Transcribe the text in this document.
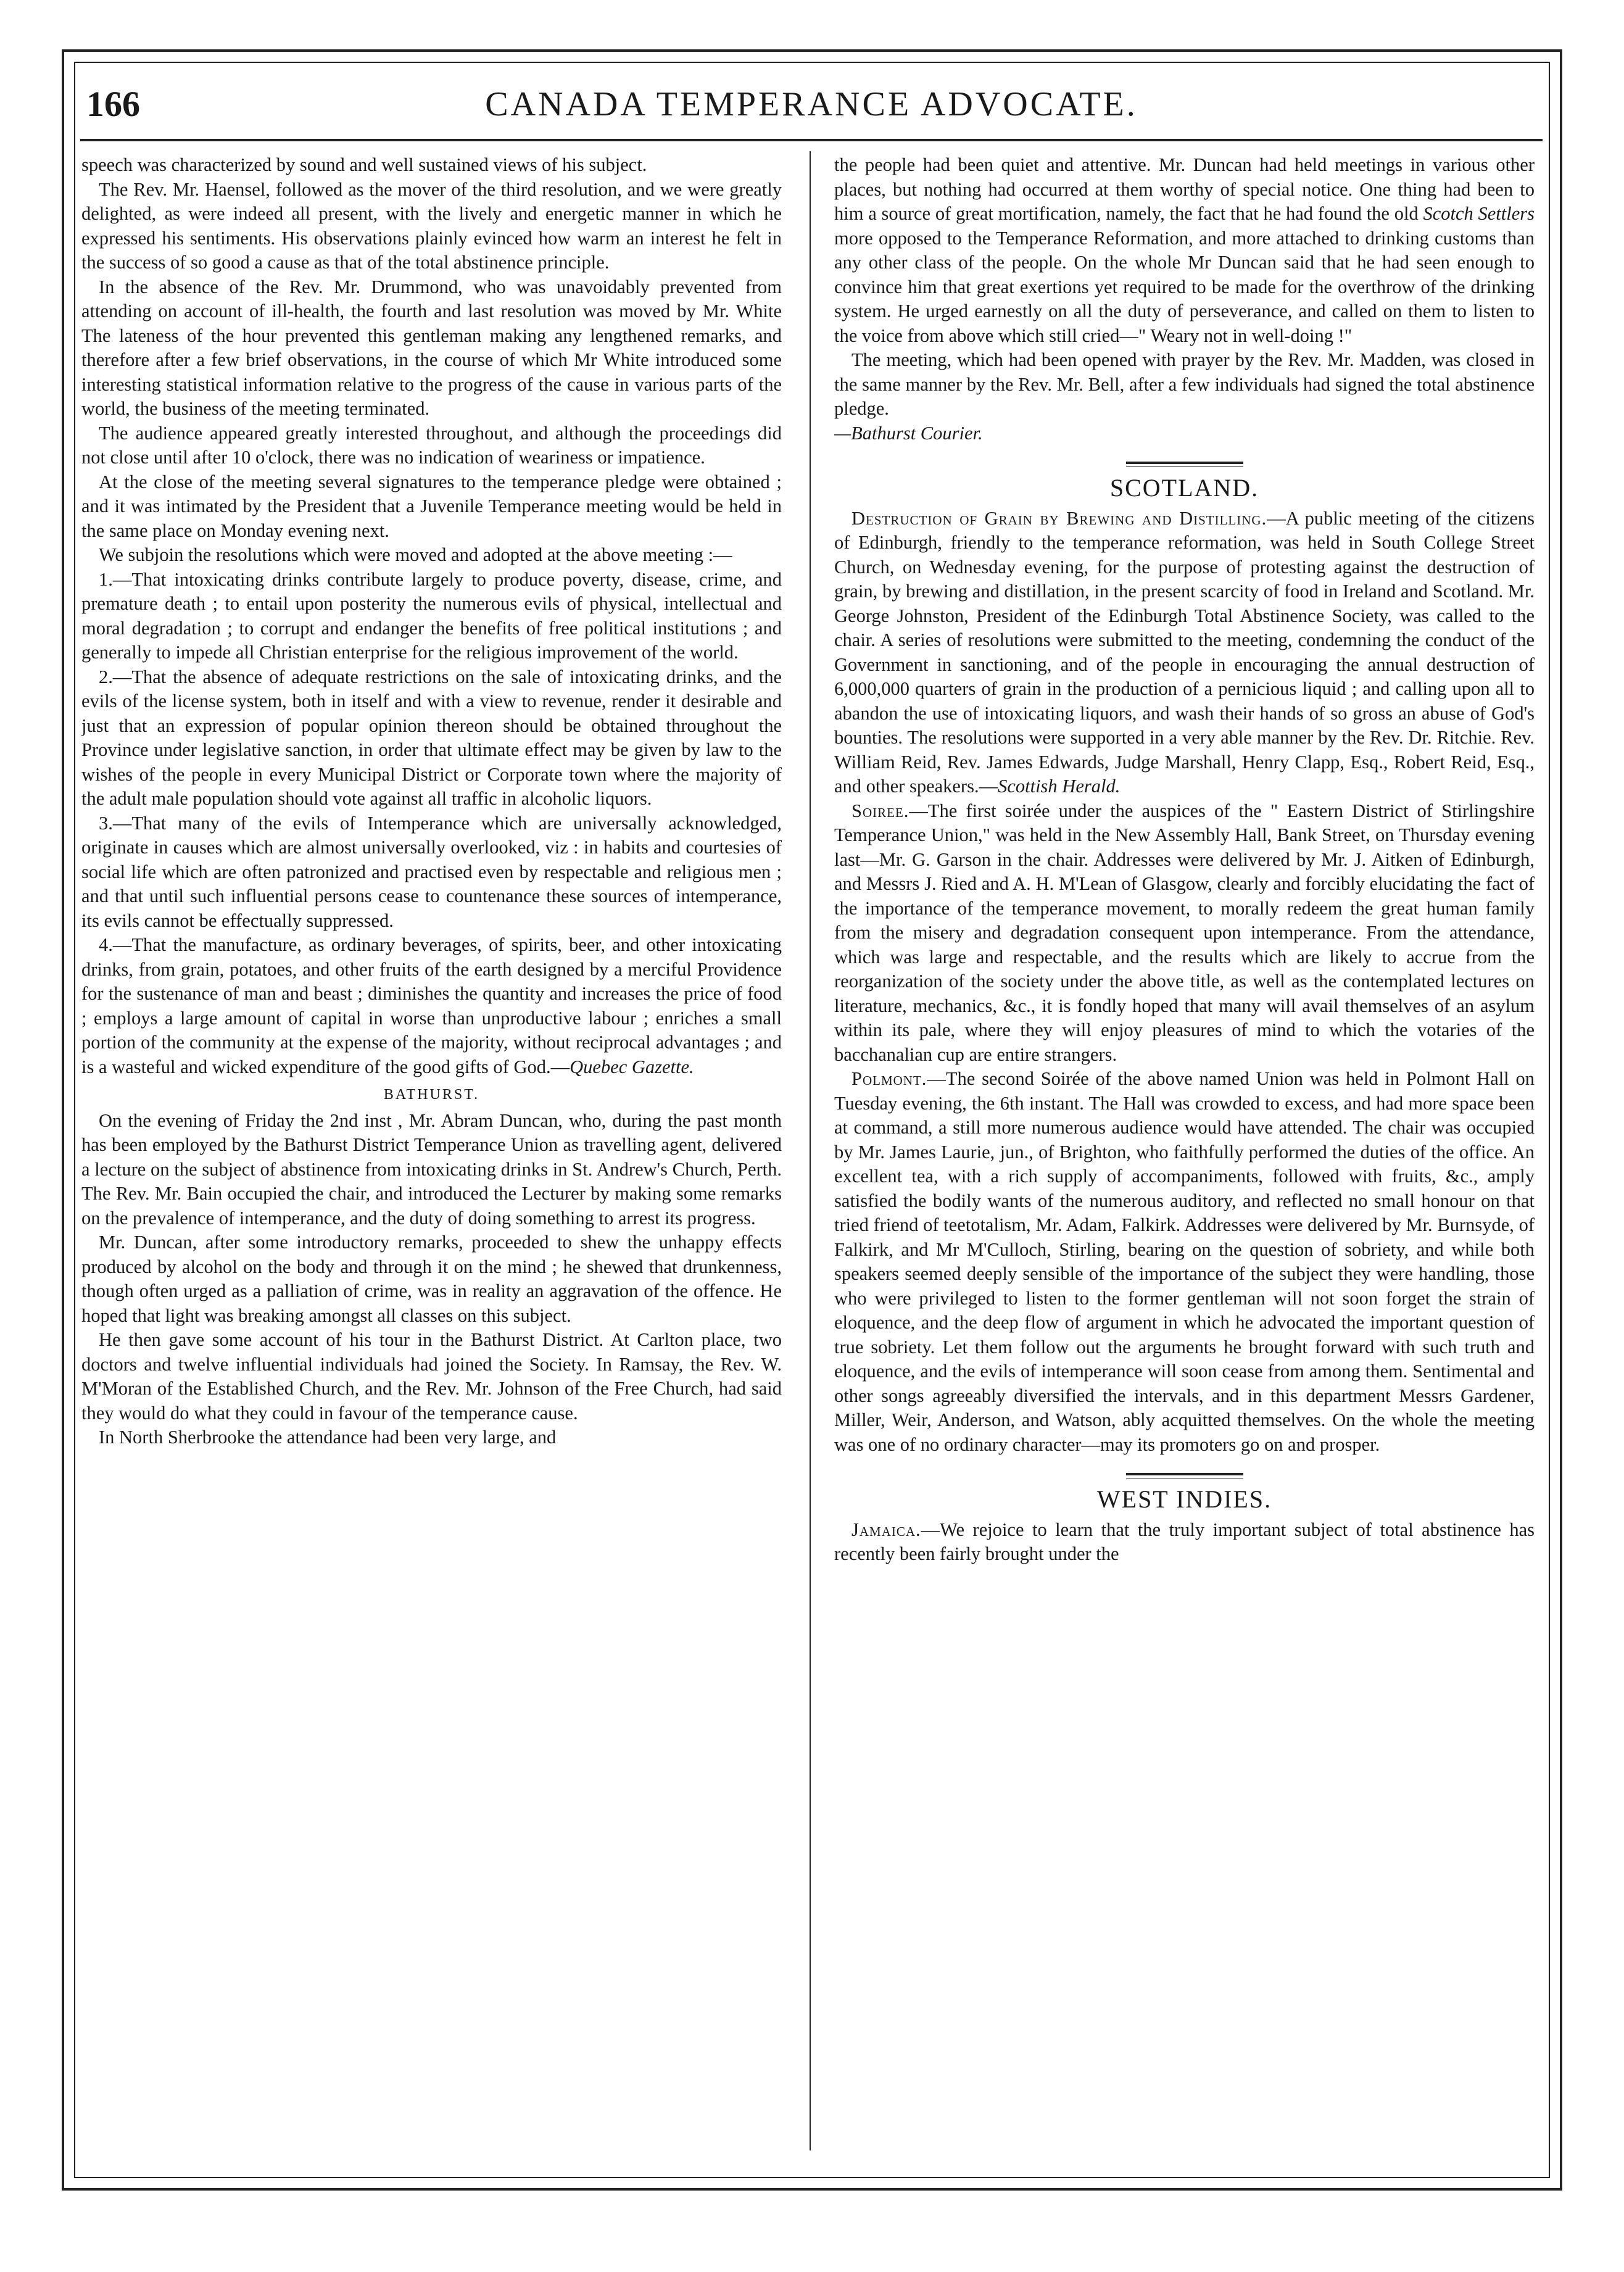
166	CANADA TEMPERANCE ADVOCATE.

speech was characterized by sound and well sustained views of his subject.

The Rev. Mr. Haensel, followed as the mover of the third resolution, and we were greatly delighted, as were indeed all present, with the lively and energetic manner in which he expressed his sentiments. His observations plainly evinced how warm an interest he felt in the success of so good a cause as that of the total abstinence principle.

In the absence of the Rev. Mr. Drummond, who was unavoidably prevented from attending on account of ill-health, the fourth and last resolution was moved by Mr. White The lateness of the hour prevented this gentleman making any lengthened remarks, and therefore after a few brief observations, in the course of which Mr White introduced some interesting statistical information relative to the progress of the cause in various parts of the world, the business of the meeting terminated.

The audience appeared greatly interested throughout, and although the proceedings did not close until after 10 o'clock, there was no indication of weariness or impatience.

At the close of the meeting several signatures to the temperance pledge were obtained ; and it was intimated by the President that a Juvenile Temperance meeting would be held in the same place on Monday evening next.

We subjoin the resolutions which were moved and adopted at the above meeting :—

1.—That intoxicating drinks contribute largely to produce poverty, disease, crime, and premature death ; to entail upon posterity the numerous evils of physical, intellectual and moral degradation ; to corrupt and endanger the benefits of free political institutions ; and generally to impede all Christian enterprise for the religious improvement of the world.

2.—That the absence of adequate restrictions on the sale of intoxicating drinks, and the evils of the license system, both in itself and with a view to revenue, render it desirable and just that an expression of popular opinion thereon should be obtained throughout the Province under legislative sanction, in order that ultimate effect may be given by law to the wishes of the people in every Municipal District or Corporate town where the majority of the adult male population should vote against all traffic in alcoholic liquors.

3.—That many of the evils of Intemperance which are universally acknowledged, originate in causes which are almost universally overlooked, viz : in habits and courtesies of social life which are often patronized and practised even by respectable and religious men ; and that until such influential persons cease to countenance these sources of intemperance, its evils cannot be effectually suppressed.

4.—That the manufacture, as ordinary beverages, of spirits, beer, and other intoxicating drinks, from grain, potatoes, and other fruits of the earth designed by a merciful Providence for the sustenance of man and beast ; diminishes the quantity and increases the price of food ; employs a large amount of capital in worse than unproductive labour ; enriches a small portion of the community at the expense of the majority, without reciprocal advantages ; and is a wasteful and wicked expenditure of the good gifts of God.—Quebec Gazette.

BATHURST.

On the evening of Friday the 2nd inst , Mr. Abram Duncan, who, during the past month has been employed by the Bathurst District Temperance Union as travelling agent, delivered a lecture on the subject of abstinence from intoxicating drinks in St. Andrew's Church, Perth. The Rev. Mr. Bain occupied the chair, and introduced the Lecturer by making some remarks on the prevalence of intemperance, and the duty of doing something to arrest its progress.

Mr. Duncan, after some introductory remarks, proceeded to shew the unhappy effects produced by alcohol on the body and through it on the mind ; he shewed that drunkenness, though often urged as a palliation of crime, was in reality an aggravation of the offence. He hoped that light was breaking amongst all classes on this subject.

He then gave some account of his tour in the Bathurst District. At Carlton place, two doctors and twelve influential individuals had joined the Society. In Ramsay, the Rev. W. M'Moran of the Established Church, and the Rev. Mr. Johnson of the Free Church, had said they would do what they could in favour of the temperance cause.

In North Sherbrooke the attendance had been very large, and

the people had been quiet and attentive. Mr. Duncan had held meetings in various other places, but nothing had occurred at them worthy of special notice. One thing had been to him a source of great mortification, namely, the fact that he had found the old Scotch Settlers more opposed to the Temperance Reformation, and more attached to drinking customs than any other class of the people. On the whole Mr Duncan said that he had seen enough to convince him that great exertions yet required to be made for the overthrow of the drinking system. He urged earnestly on all the duty of perseverance, and called on them to listen to the voice from above which still cried—" Weary not in well-doing !"

The meeting, which had been opened with prayer by the Rev. Mr. Madden, was closed in the same manner by the Rev. Mr. Bell, after a few individuals had signed the total abstinence pledge.

—Bathurst Courier.

SCOTLAND.

Destruction of Grain by Brewing and Distilling.—A public meeting of the citizens of Edinburgh, friendly to the temperance reformation, was held in South College Street Church, on Wednesday evening, for the purpose of protesting against the destruction of grain, by brewing and distillation, in the present scarcity of food in Ireland and Scotland. Mr. George Johnston, President of the Edinburgh Total Abstinence Society, was called to the chair. A series of resolutions were submitted to the meeting, condemning the conduct of the Government in sanctioning, and of the people in encouraging the annual destruction of 6,000,000 quarters of grain in the production of a pernicious liquid ; and calling upon all to abandon the use of intoxicating liquors, and wash their hands of so gross an abuse of God's bounties. The resolutions were supported in a very able manner by the Rev. Dr. Ritchie. Rev. William Reid, Rev. James Edwards, Judge Marshall, Henry Clapp, Esq., Robert Reid, Esq., and other speakers.—Scottish Herald.

Soiree.—The first soirée under the auspices of the " Eastern District of Stirlingshire Temperance Union," was held in the New Assembly Hall, Bank Street, on Thursday evening last—Mr. G. Garson in the chair. Addresses were delivered by Mr. J. Aitken of Edinburgh, and Messrs J. Ried and A. H. M'Lean of Glasgow, clearly and forcibly elucidating the fact of the importance of the temperance movement, to morally redeem the great human family from the misery and degradation consequent upon intemperance. From the attendance, which was large and respectable, and the results which are likely to accrue from the reorganization of the society under the above title, as well as the contemplated lectures on literature, mechanics, &c., it is fondly hoped that many will avail themselves of an asylum within its pale, where they will enjoy pleasures of mind to which the votaries of the bacchanalian cup are entire strangers.

Polmont.—The second Soirée of the above named Union was held in Polmont Hall on Tuesday evening, the 6th instant. The Hall was crowded to excess, and had more space been at command, a still more numerous audience would have attended. The chair was occupied by Mr. James Laurie, jun., of Brighton, who faithfully performed the duties of the office. An excellent tea, with a rich supply of accompaniments, followed with fruits, &c., amply satisfied the bodily wants of the numerous auditory, and reflected no small honour on that tried friend of teetotalism, Mr. Adam, Falkirk. Addresses were delivered by Mr. Burnsyde, of Falkirk, and Mr M'Culloch, Stirling, bearing on the question of sobriety, and while both speakers seemed deeply sensible of the importance of the subject they were handling, those who were privileged to listen to the former gentleman will not soon forget the strain of eloquence, and the deep flow of argument in which he advocated the important question of true sobriety. Let them follow out the arguments he brought forward with such truth and eloquence, and the evils of intemperance will soon cease from among them. Sentimental and other songs agreeably diversified the intervals, and in this department Messrs Gardener, Miller, Weir, Anderson, and Watson, ably acquitted themselves. On the whole the meeting was one of no ordinary character—may its promoters go on and prosper.

WEST INDIES.

Jamaica.—We rejoice to learn that the truly important subject of total abstinence has recently been fairly brought under the
